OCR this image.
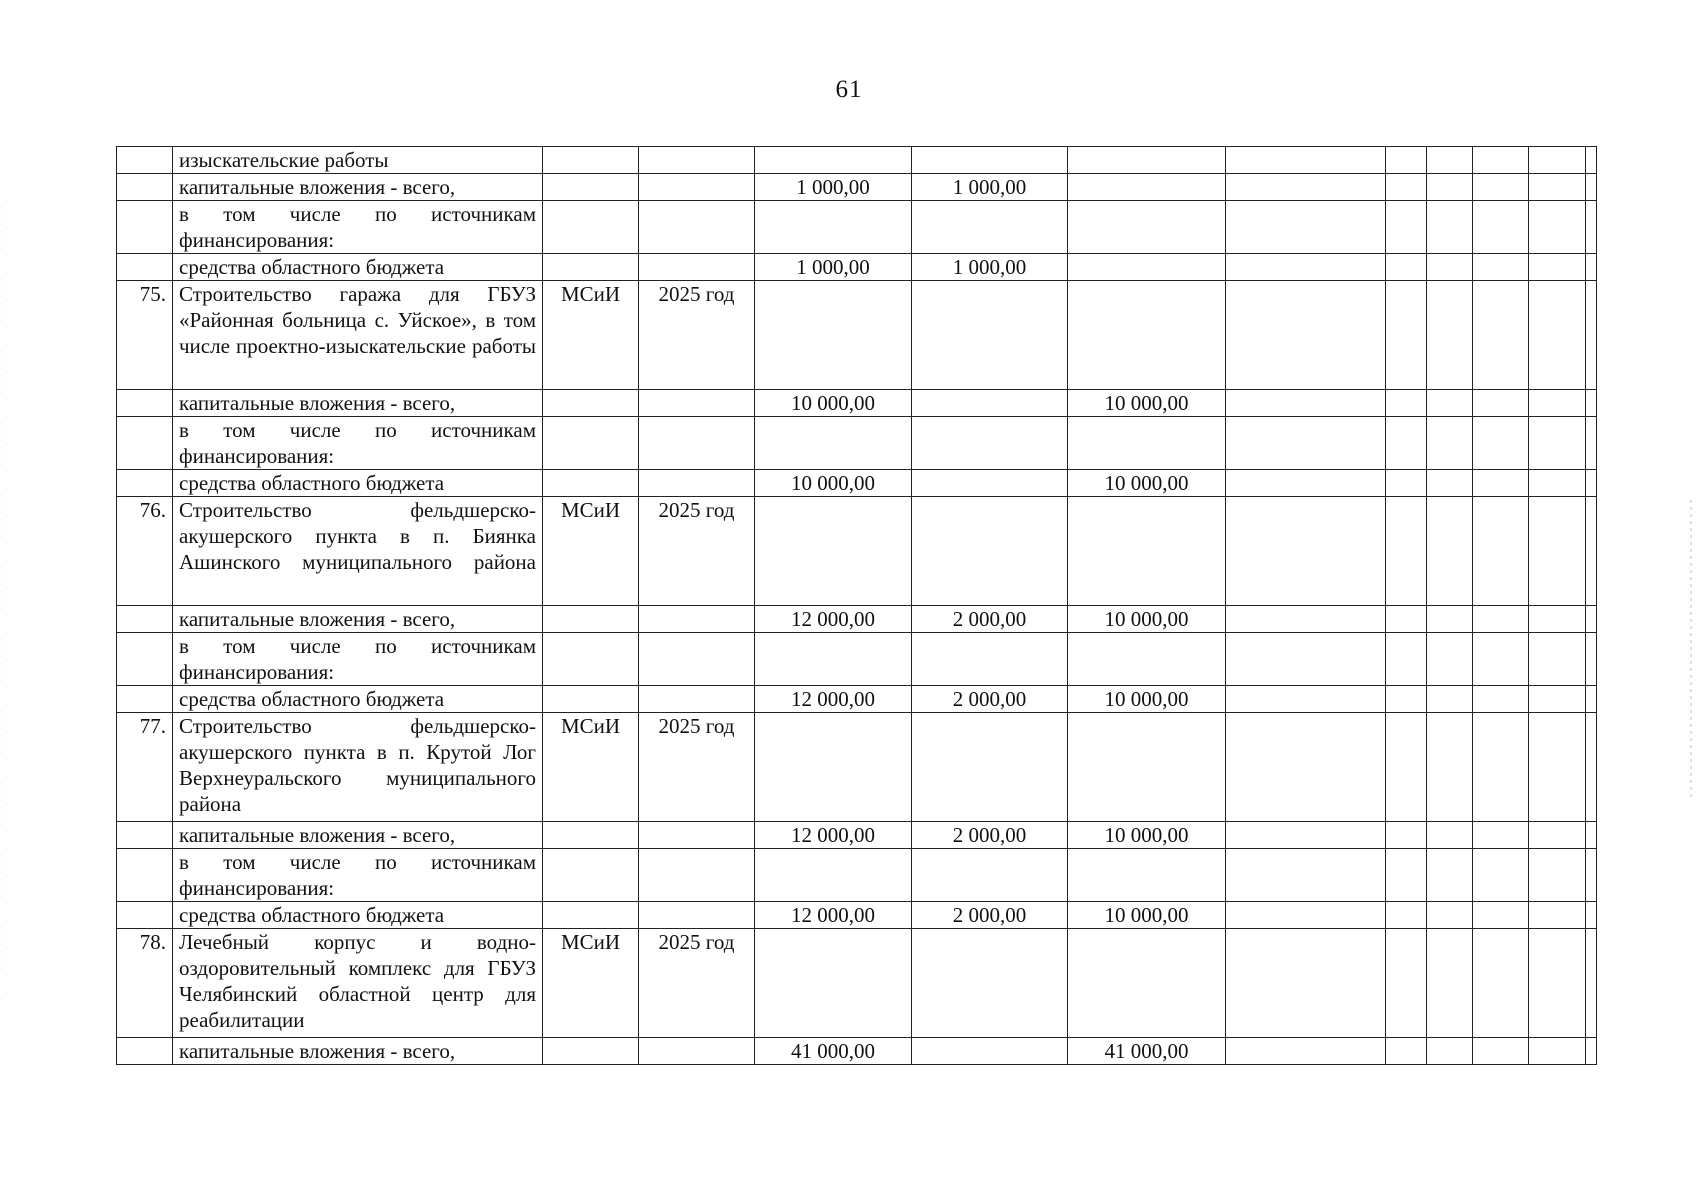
61
	изыскательские работы											
	капитальные вложения - всего,			1 000,00	1 000,00							
	в том числе по источникам финансирования:											
	средства областного бюджета			1 000,00	1 000,00							
75.	Строительство гаража для ГБУЗ «Районная больница с. Уйское», в том числе проектно-изыскательские работы	МСиИ	2025 год									
	капитальные вложения - всего,			10 000,00		10 000,00						
	в том числе по источникам финансирования:											
	средства областного бюджета			10 000,00		10 000,00						
76.	Строительство фельдшерско-акушерского пункта в п. Биянка Ашинского муниципального района	МСиИ	2025 год									
	капитальные вложения - всего,			12 000,00	2 000,00	10 000,00						
	в том числе по источникам финансирования:											
	средства областного бюджета			12 000,00	2 000,00	10 000,00						
77.	Строительство фельдшерско-акушерского пункта в п. Крутой Лог Верхнеуральского муниципального района	МСиИ	2025 год									
	капитальные вложения - всего,			12 000,00	2 000,00	10 000,00						
	в том числе по источникам финансирования:											
	средства областного бюджета			12 000,00	2 000,00	10 000,00						
78.	Лечебный корпус и водно-оздоровительный комплекс для ГБУЗ Челябинский областной центр для реабилитации	МСиИ	2025 год									
	капитальные вложения - всего,			41 000,00		41 000,00						
